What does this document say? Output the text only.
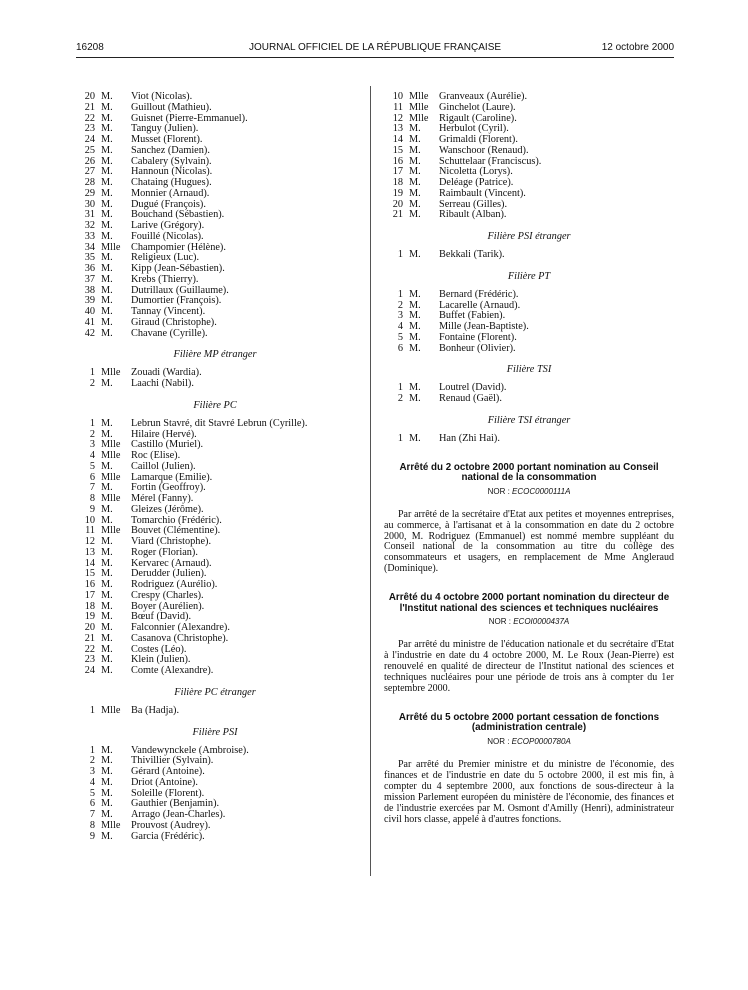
16208	JOURNAL OFFICIEL DE LA RÉPUBLIQUE FRANÇAISE	12 octobre 2000
20 M.	Viot (Nicolas).
21 M.	Guillout (Mathieu).
22 M.	Guisnet (Pierre-Emmanuel).
23 M.	Tanguy (Julien).
24 M.	Musset (Florent).
25 M.	Sanchez (Damien).
26 M.	Cabalery (Sylvain).
27 M.	Hannoun (Nicolas).
28 M.	Chataing (Hugues).
29 M.	Monnier (Arnaud).
30 M.	Dugué (François).
31 M.	Bouchand (Sébastien).
32 M.	Larive (Grégory).
33 M.	Fouillé (Nicolas).
34 Mlle	Champomier (Hélène).
35 M.	Religieux (Luc).
36 M.	Kipp (Jean-Sébastien).
37 M.	Krebs (Thierry).
38 M.	Dutrillaux (Guillaume).
39 M.	Dumortier (François).
40 M.	Tannay (Vincent).
41 M.	Giraud (Christophe).
42 M.	Chavane (Cyrille).
Filière MP étranger
1 Mlle	Zouadi (Wardia).
2 M.	Laachi (Nabil).
Filière PC
1 M.	Lebrun Stavré, dit Stavré Lebrun (Cyrille).
2 M.	Hilaire (Hervé).
3 Mlle	Castillo (Muriel).
4 Mlle	Roc (Elise).
5 M.	Caillol (Julien).
6 Mlle	Lamarque (Emilie).
7 M.	Fortin (Geoffroy).
8 Mlle	Mérel (Fanny).
9 M.	Gleizes (Jérôme).
10 M.	Tomarchio (Frédéric).
11 Mlle	Bouvet (Clémentine).
12 M.	Viard (Christophe).
13 M.	Roger (Florian).
14 M.	Kervarec (Arnaud).
15 M.	Derudder (Julien).
16 M.	Rodriguez (Aurélio).
17 M.	Crespy (Charles).
18 M.	Boyer (Aurélien).
19 M.	Bœuf (David).
20 M.	Falconnier (Alexandre).
21 M.	Casanova (Christophe).
22 M.	Costes (Léo).
23 M.	Klein (Julien).
24 M.	Comte (Alexandre).
Filière PC étranger
1 Mlle	Ba (Hadja).
Filière PSI
1 M.	Vandewynckele (Ambroise).
2 M.	Thivillier (Sylvain).
3 M.	Gérard (Antoine).
4 M.	Driot (Antoine).
5 M.	Soleille (Florent).
6 M.	Gauthier (Benjamin).
7 M.	Arrago (Jean-Charles).
8 Mlle	Prouvost (Audrey).
9 M.	Garcia (Frédéric).
10 Mlle	Granveaux (Aurélie).
11 Mlle	Ginchelot (Laure).
12 Mlle	Rigault (Caroline).
13 M.	Herbulot (Cyril).
14 M.	Grimaldi (Florent).
15 M.	Wanschoor (Renaud).
16 M.	Schuttelaar (Franciscus).
17 M.	Nicoletta (Lorys).
18 M.	Deléage (Patrice).
19 M.	Raimbault (Vincent).
20 M.	Serreau (Gilles).
21 M.	Ribault (Alban).
Filière PSI étranger
1 M.	Bekkali (Tarik).
Filière PT
1 M.	Bernard (Frédéric).
2 M.	Lacarelle (Arnaud).
3 M.	Buffet (Fabien).
4 M.	Mille (Jean-Baptiste).
5 M.	Fontaine (Florent).
6 M.	Bonheur (Olivier).
Filière TSI
1 M.	Loutrel (David).
2 M.	Renaud (Gaël).
Filière TSI étranger
1 M.	Han (Zhi Hai).
Arrêté du 2 octobre 2000 portant nomination au Conseil national de la consommation
NOR : ECOC0000111A

Par arrêté de la secrétaire d'Etat aux petites et moyennes entreprises, au commerce, à l'artisanat et à la consommation en date du 2 octobre 2000, M. Rodriguez (Emmanuel) est nommé membre suppléant du Conseil national de la consommation au titre du collège des consommateurs et usagers, en remplacement de Mme Angleraud (Dominique).

Arrêté du 4 octobre 2000 portant nomination du directeur de l'Institut national des sciences et techniques nucléaires
NOR : ECOI0000437A

Par arrêté du ministre de l'éducation nationale et du secrétaire d'Etat à l'industrie en date du 4 octobre 2000, M. Le Roux (Jean-Pierre) est renouvelé en qualité de directeur de l'Institut national des sciences et techniques nucléaires pour une période de trois ans à compter du 1er septembre 2000.

Arrêté du 5 octobre 2000 portant cessation de fonctions (administration centrale)
NOR : ECOP0000780A

Par arrêté du Premier ministre et du ministre de l'économie, des finances et de l'industrie en date du 5 octobre 2000, il est mis fin, à compter du 4 septembre 2000, aux fonctions de sous-directeur à la mission Parlement européen du ministère de l'économie, des finances et de l'industrie exercées par M. Osmont d'Amilly (Henri), administrateur civil hors classe, appelé à d'autres fonctions.
